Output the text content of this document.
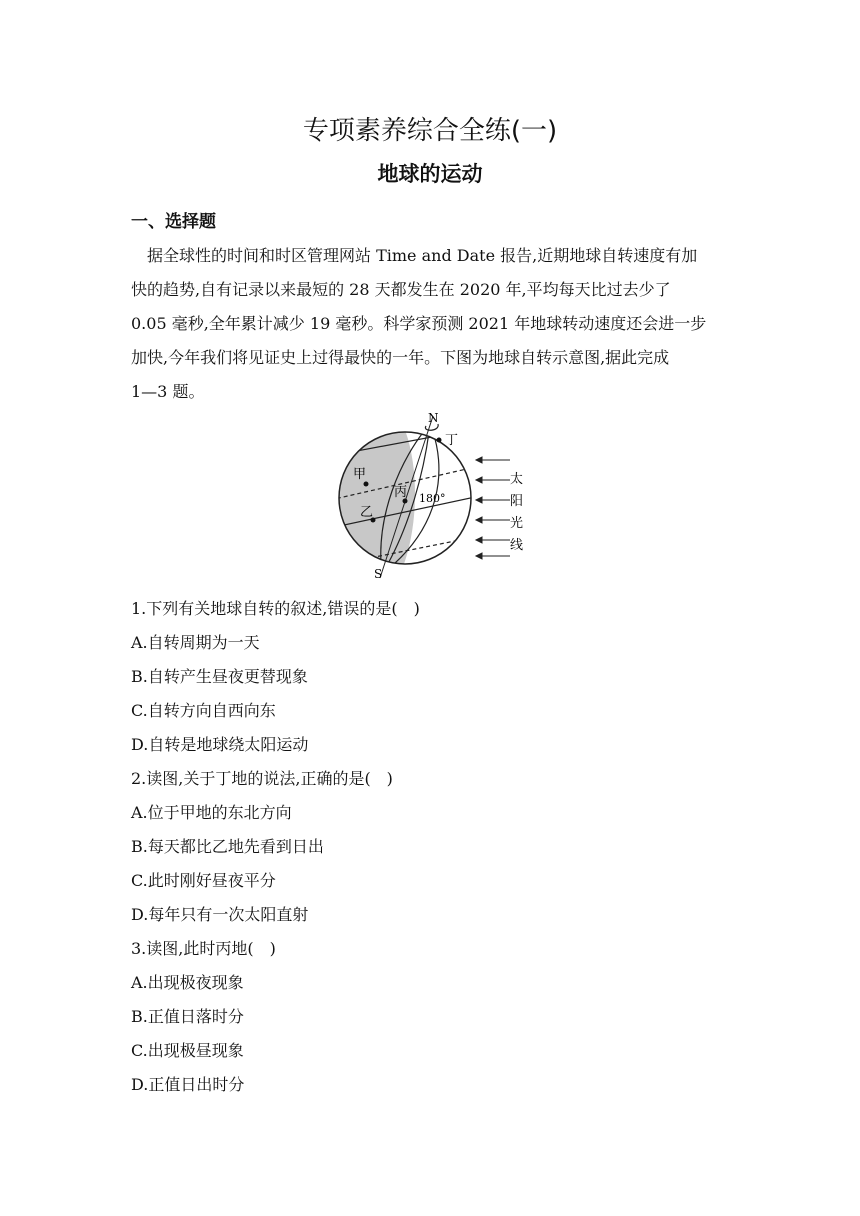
专项素养综合全练(一)
地球的运动
一、选择题
据全球性的时间和时区管理网站 Time and Date 报告,近期地球自转速度有加
快的趋势,自有记录以来最短的 28 天都发生在 2020 年,平均每天比过去少了
0.05 毫秒,全年累计减少 19 毫秒。科学家预测 2021 年地球转动速度还会进一步
加快,今年我们将见证史上过得最快的一年。下图为地球自转示意图,据此完成
1—3 题。
N
S
甲
乙
丙
丁
180°
太
阳
光
线
1.下列有关地球自转的叙述,错误的是(　)
A.自转周期为一天
B.自转产生昼夜更替现象
C.自转方向自西向东
D.自转是地球绕太阳运动
2.读图,关于丁地的说法,正确的是(　)
A.位于甲地的东北方向
B.每天都比乙地先看到日出
C.此时刚好昼夜平分
D.每年只有一次太阳直射
3.读图,此时丙地(　)
A.出现极夜现象
B.正值日落时分
C.出现极昼现象
D.正值日出时分
